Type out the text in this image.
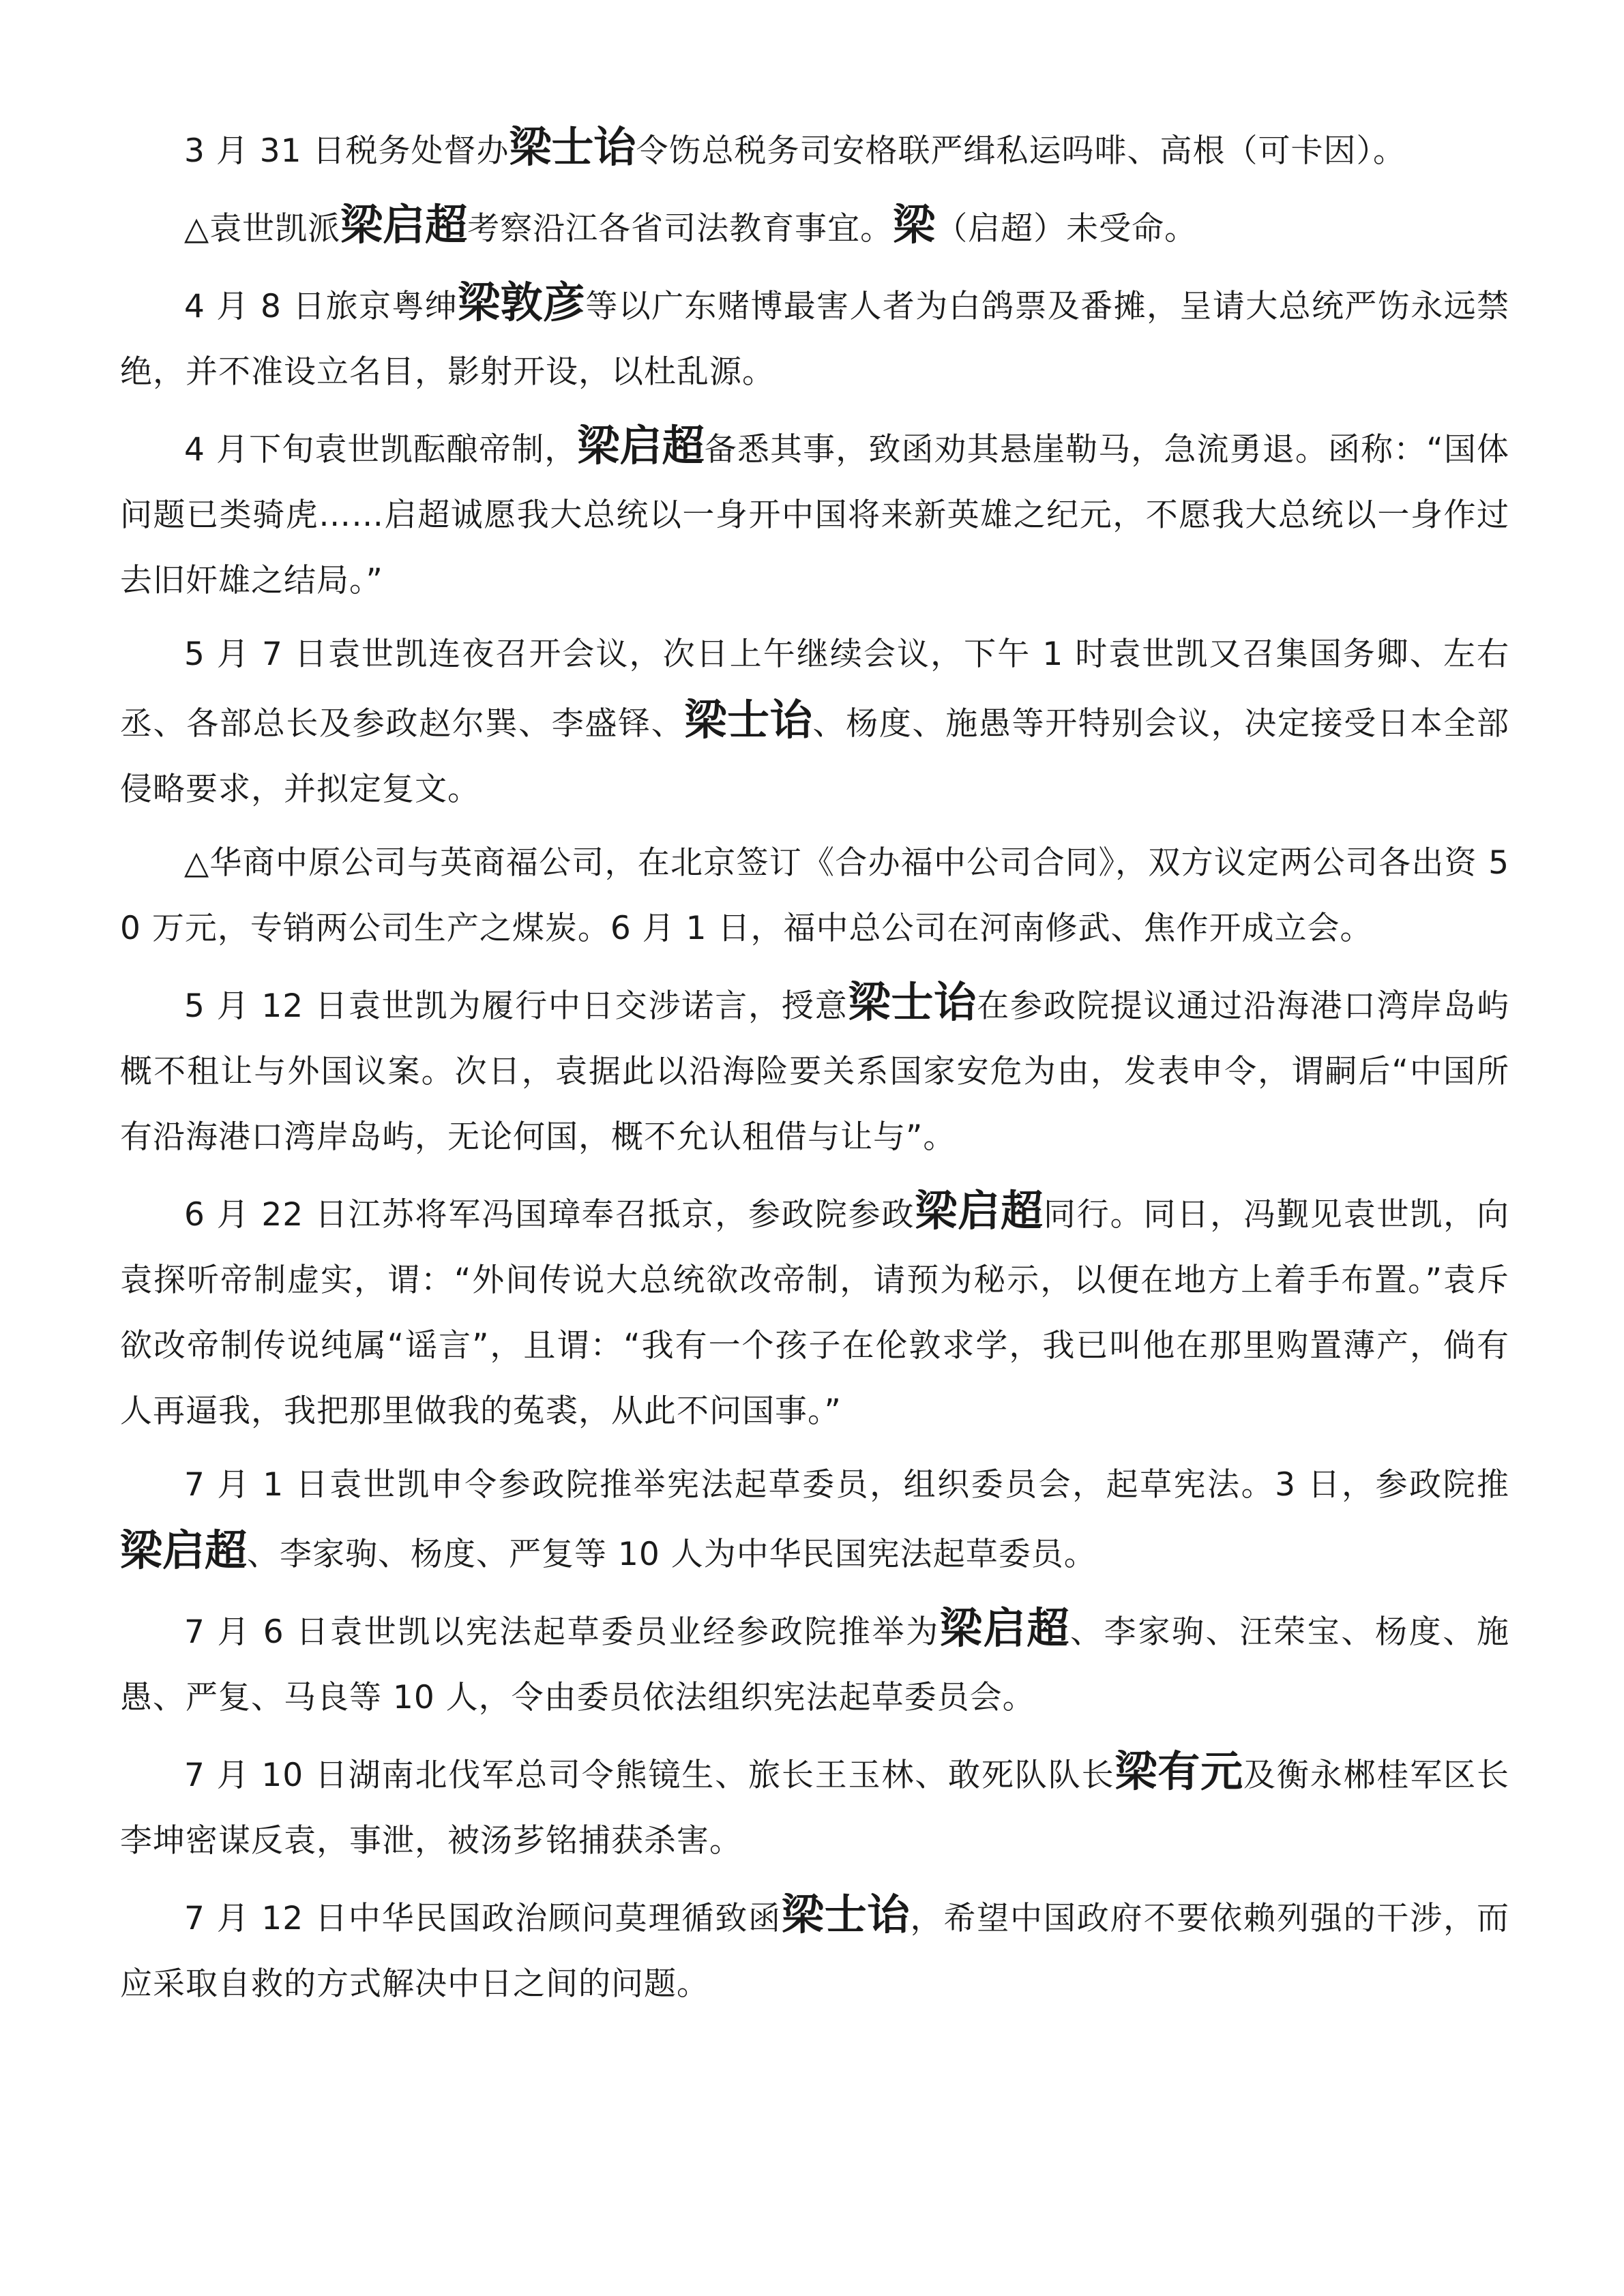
3 月 31 日税务处督办梁士诒令饬总税务司安格联严缉私运吗啡、高根（可卡因）。

△袁世凯派梁启超考察沿江各省司法教育事宜。梁（启超）未受命。

4 月 8 日旅京粤绅梁敦彦等以广东赌博最害人者为白鸽票及番摊，呈请大总统严饬永远禁绝，并不准设立名目，影射开设，以杜乱源。

4 月下旬袁世凯酝酿帝制，梁启超备悉其事，致函劝其悬崖勒马，急流勇退。函称：“国体问题已类骑虎……启超诚愿我大总统以一身开中国将来新英雄之纪元，不愿我大总统以一身作过去旧奸雄之结局。”

5 月 7 日袁世凯连夜召开会议，次日上午继续会议，下午 1 时袁世凯又召集国务卿、左右丞、各部总长及参政赵尔巽、李盛铎、梁士诒、杨度、施愚等开特别会议，决定接受日本全部侵略要求，并拟定复文。

△华商中原公司与英商福公司，在北京签订《合办福中公司合同》，双方议定两公司各出资 50 万元，专销两公司生产之煤炭。6 月 1 日，福中总公司在河南修武、焦作开成立会。

5 月 12 日袁世凯为履行中日交涉诺言，授意梁士诒在参政院提议通过沿海港口湾岸岛屿概不租让与外国议案。次日，袁据此以沿海险要关系国家安危为由，发表申令，谓嗣后“中国所有沿海港口湾岸岛屿，无论何国，概不允认租借与让与”。

6 月 22 日江苏将军冯国璋奉召抵京，参政院参政梁启超同行。同日，冯觐见袁世凯，向袁探听帝制虚实，谓：“外间传说大总统欲改帝制，请预为秘示，以便在地方上着手布置。”袁斥欲改帝制传说纯属“谣言”，且谓：“我有一个孩子在伦敦求学，我已叫他在那里购置薄产，倘有人再逼我，我把那里做我的菟裘，从此不问国事。”

7 月 1 日袁世凯申令参政院推举宪法起草委员，组织委员会，起草宪法。3 日，参政院推梁启超、李家驹、杨度、严复等 10 人为中华民国宪法起草委员。

7 月 6 日袁世凯以宪法起草委员业经参政院推举为梁启超、李家驹、汪荣宝、杨度、施愚、严复、马良等 10 人，令由委员依法组织宪法起草委员会。

7 月 10 日湖南北伐军总司令熊镜生、旅长王玉林、敢死队队长梁有元及衡永郴桂军区长李坤密谋反袁，事泄，被汤芗铭捕获杀害。

7 月 12 日中华民国政治顾问莫理循致函梁士诒，希望中国政府不要依赖列强的干涉，而应采取自救的方式解决中日之间的问题。
